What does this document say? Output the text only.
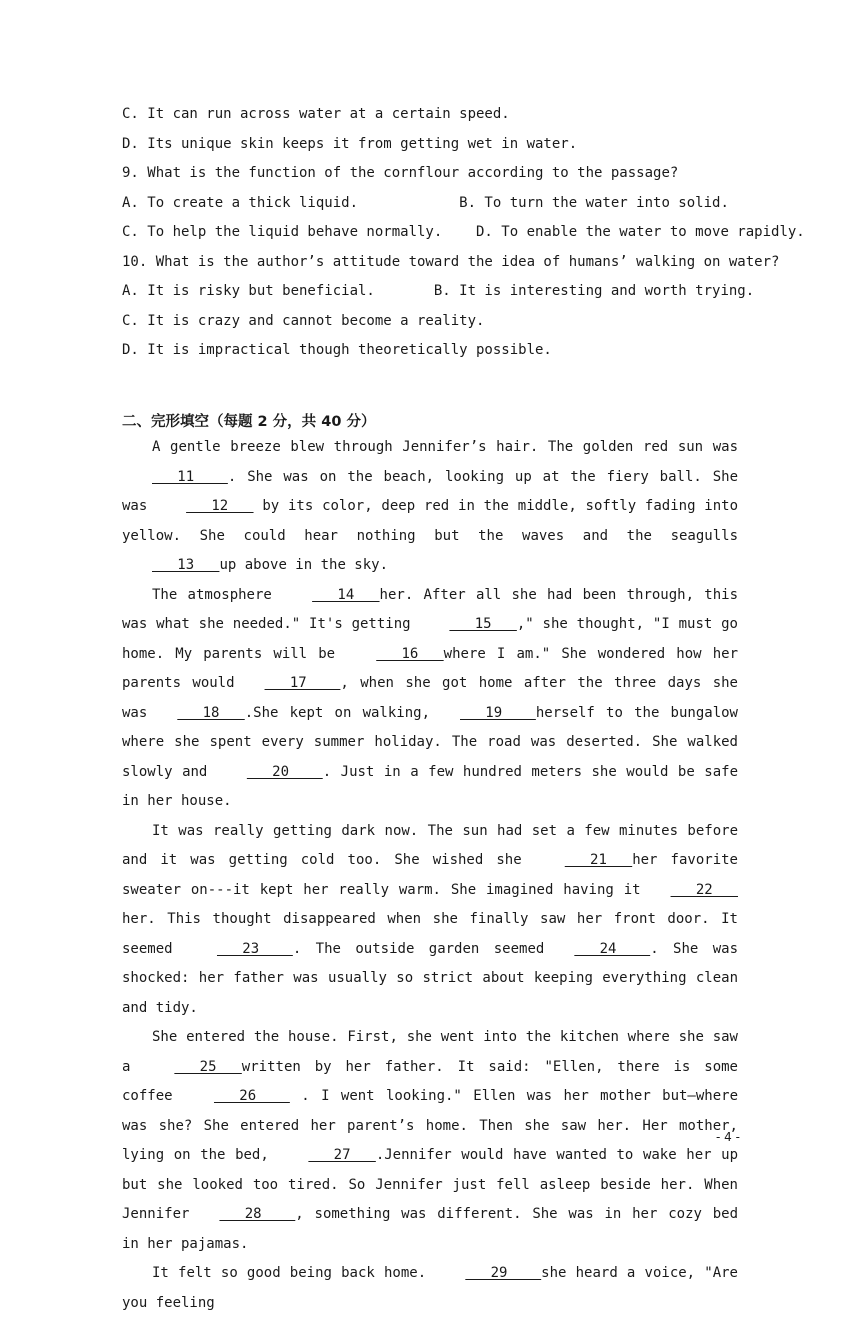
C. It can run across water at a certain speed.
D. Its unique skin keeps it from getting wet in water.
9. What is the function of the cornflour according to the passage?
A. To create a thick liquid.            B. To turn the water into solid.
C. To help the liquid behave normally.    D. To enable the water to move rapidly.
10. What is the author’s attitude toward the idea of humans’ walking on water?
A. It is risky but beneficial.       B. It is interesting and worth trying.
C. It is crazy and cannot become a reality.
D. It is impractical though theoretically possible.
二、完形填空（每题 2 分，共 40 分）

A gentle breeze blew through Jennifer’s hair. The golden red sun was   11    . She was on the beach, looking up at the fiery ball. She was    12    by its color, deep red in the middle, softly fading into yellow. She could hear nothing but the waves and the seagulls    13   up above in the sky.

The atmosphere    14   her. After all she had been through, this was what she needed." It's getting    15   ," she thought, "I must go home. My parents will be    16   where I am." She wondered how her parents would   17    , when she got home after the three days she was   18   .She kept on walking,   19    herself to the bungalow where she spent every summer holiday. The road was deserted. She walked slowly and    20    . Just in a few hundred meters she would be safe in her house.

It was really getting dark now. The sun had set a few minutes before and it was getting cold too. She wished she    21   her favorite sweater on---it kept her really warm. She imagined having it   22   her. This thought disappeared when she finally saw her front door. It seemed    23    . The outside garden seemed   24    . She was shocked: her father was usually so strict about keeping everything clean and tidy.

She entered the house. First, she went into the kitchen where she saw a    25   written by her father. It said: "Ellen, there is some coffee    26     . I went looking." Ellen was her mother but—where was she? She entered her parent’s home. Then she saw her. Her mother, lying on the bed,    27   .Jennifer would have wanted to wake her up but she looked too tired. So Jennifer just fell asleep beside her. When Jennifer   28    , something was different. She was in her cozy bed in her pajamas.

It felt so good being back home.    29    she heard a voice, "Are you feeling

- 4 -
